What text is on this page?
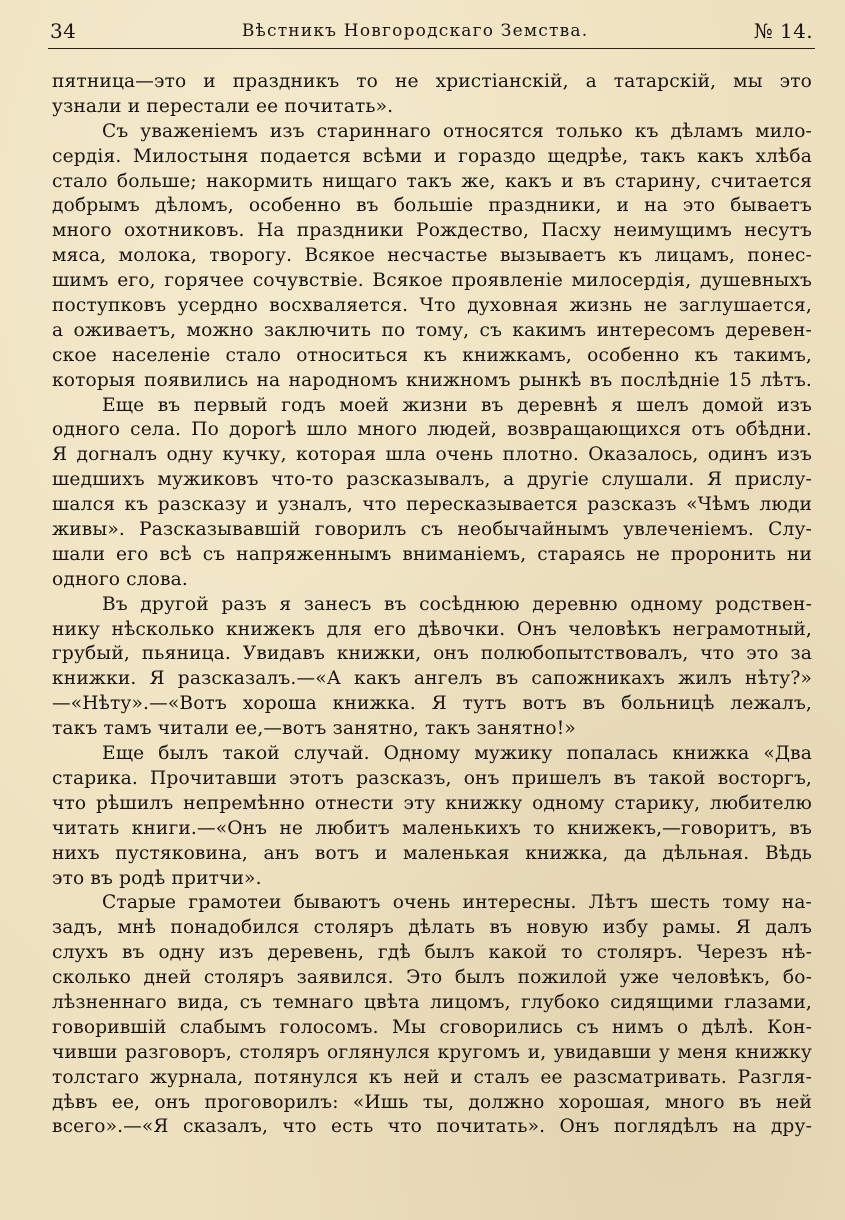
34	Вѣстникъ Новгородскаго Земства.	№ 14.
пятница—это и праздникъ то не христіанскій, а татарскій, мы это
узнали и перестали ее почитать».
Съ уваженіемъ изъ стариннаго относятся только къ дѣламъ мило-
сердія. Милостыня подается всѣми и гораздо щедрѣе, такъ какъ хлѣба
стало больше; накормить нищаго такъ же, какъ и въ старину, считается
добрымъ дѣломъ, особенно въ большіе праздники, и на это бываетъ
много охотниковъ. На праздники Рождество, Пасху неимущимъ несутъ
мяса, молока, творогу. Всякое несчастье вызываетъ къ лицамъ, понес-
шимъ его, горячее сочувствіе. Всякое проявленіе милосердія, душевныхъ
поступковъ усердно восхваляется. Что духовная жизнь не заглушается,
а оживаетъ, можно заключить по тому, съ какимъ интересомъ деревен-
ское населеніе стало относиться къ книжкамъ, особенно къ такимъ,
которыя появились на народномъ книжномъ рынкѣ въ послѣдніе 15 лѣтъ.
Еще въ первый годъ моей жизни въ деревнѣ я шелъ домой изъ
одного села. По дорогѣ шло много людей, возвращающихся отъ обѣдни.
Я догналъ одну кучку, которая шла очень плотно. Оказалось, одинъ изъ
шедшихъ мужиковъ что-то разсказывалъ, а другіе слушали. Я прислу-
шался къ разсказу и узналъ, что пересказывается разсказъ «Чѣмъ люди
живы». Разсказывавшій говорилъ съ необычайнымъ увлеченіемъ. Слу-
шали его всѣ съ напряженнымъ вниманіемъ, стараясь не проронить ни
одного слова.
Въ другой разъ я занесъ въ сосѣднюю деревню одному родствен-
нику нѣсколько книжекъ для его дѣвочки. Онъ человѣкъ неграмотный,
грубый, пьяница. Увидавъ книжки, онъ полюбопытствовалъ, что это за
книжки. Я разсказалъ.—«А какъ ангелъ въ сапожникахъ жилъ нѣту?»
—«Нѣту».—«Вотъ хороша книжка. Я тутъ вотъ въ больницѣ лежалъ,
такъ тамъ читали ее,—вотъ занятно, такъ занятно!»
Еще былъ такой случай. Одному мужику попалась книжка «Два
старика. Прочитавши этотъ разсказъ, онъ пришелъ въ такой восторгъ,
что рѣшилъ непремѣнно отнести эту книжку одному старику, любителю
читать книги.—«Онъ не любитъ маленькихъ то книжекъ,—говоритъ, въ
нихъ пустяковина, анъ вотъ и маленькая книжка, да дѣльная. Вѣдь
это въ родѣ притчи».
Старые грамотеи бываютъ очень интересны. Лѣтъ шесть тому на-
задъ, мнѣ понадобился столяръ дѣлать въ новую избу рамы. Я далъ
слухъ въ одну изъ деревень, гдѣ былъ какой то столяръ. Черезъ нѣ-
сколько дней столяръ заявился. Это былъ пожилой уже человѣкъ, бо-
лѣзненнаго вида, съ темнаго цвѣта лицомъ, глубоко сидящими глазами,
говорившій слабымъ голосомъ. Мы сговорились съ нимъ о дѣлѣ. Кон-
чивши разговоръ, столяръ оглянулся кругомъ и, увидавши у меня книжку
толстаго журнала, потянулся къ ней и сталъ ее разсматривать. Разгля-
дѣвъ ее, онъ проговорилъ: «Ишь ты, должно хорошая, много въ ней
всего».—«Я сказалъ, что есть что почитать». Онъ поглядѣлъ на дру-
